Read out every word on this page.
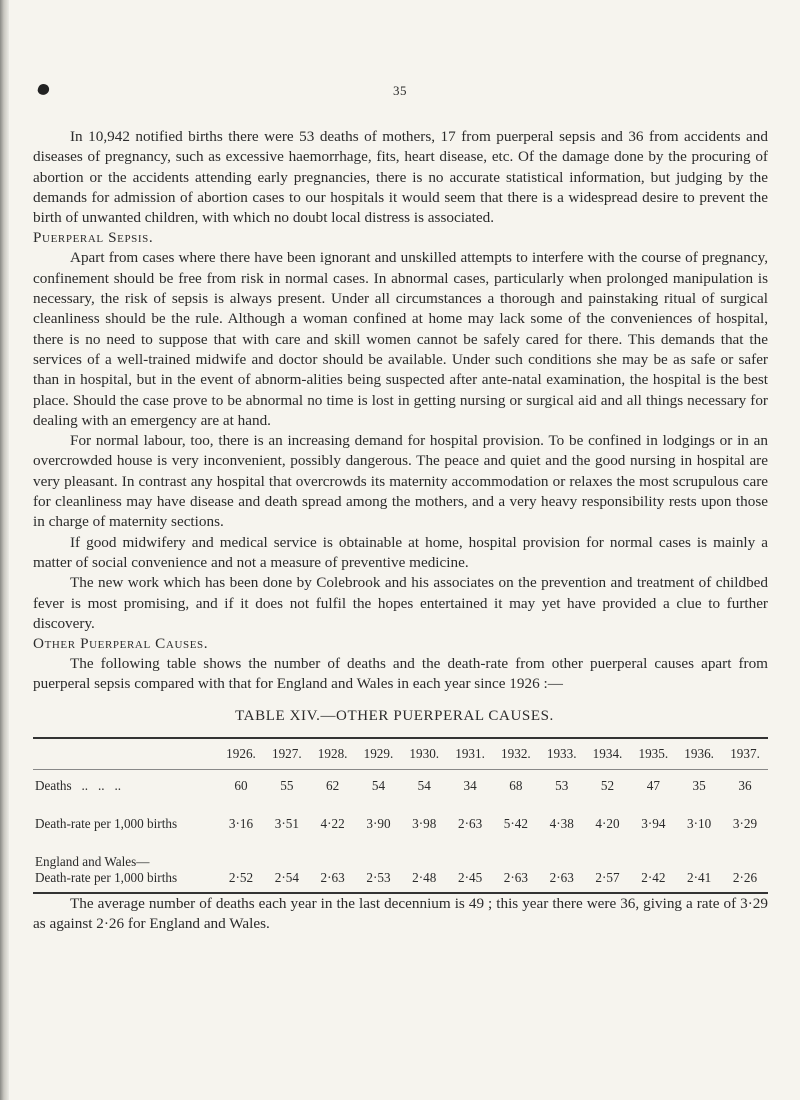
35

In 10,942 notified births there were 53 deaths of mothers, 17 from puerperal sepsis and 36 from accidents and diseases of pregnancy, such as excessive haemorrhage, fits, heart disease, etc. Of the damage done by the procuring of abortion or the accidents attending early pregnancies, there is no accurate statistical information, but judging by the demands for admission of abortion cases to our hospitals it would seem that there is a widespread desire to prevent the birth of unwanted children, with which no doubt local distress is associated.

Puerperal Sepsis.

Apart from cases where there have been ignorant and unskilled attempts to interfere with the course of pregnancy, confinement should be free from risk in normal cases. In abnormal cases, particularly when prolonged manipulation is necessary, the risk of sepsis is always present. Under all circumstances a thorough and painstaking ritual of surgical cleanliness should be the rule. Although a woman confined at home may lack some of the conveniences of hospital, there is no need to suppose that with care and skill women cannot be safely cared for there. This demands that the services of a well-trained midwife and doctor should be available. Under such conditions she may be as safe or safer than in hospital, but in the event of abnorm-alities being suspected after ante-natal examination, the hospital is the best place. Should the case prove to be abnormal no time is lost in getting nursing or surgical aid and all things necessary for dealing with an emergency are at hand.

For normal labour, too, there is an increasing demand for hospital provision. To be confined in lodgings or in an overcrowded house is very inconvenient, possibly dangerous. The peace and quiet and the good nursing in hospital are very pleasant. In contrast any hospital that overcrowds its maternity accommodation or relaxes the most scrupulous care for cleanliness may have disease and death spread among the mothers, and a very heavy responsibility rests upon those in charge of maternity sections.

If good midwifery and medical service is obtainable at home, hospital provision for normal cases is mainly a matter of social convenience and not a measure of preventive medicine.

The new work which has been done by Colebrook and his associates on the prevention and treatment of childbed fever is most promising, and if it does not fulfil the hopes entertained it may yet have provided a clue to further discovery.

Other Puerperal Causes.

The following table shows the number of deaths and the death-rate from other puerperal causes apart from puerperal sepsis compared with that for England and Wales in each year since 1926 :—

TABLE XIV.—OTHER PUERPERAL CAUSES.
	1926.	1927.	1928.	1929.	1930.	1931.	1932.	1933.	1934.	1935.	1936.	1937.

Deaths   ..   ..   ..	60	55	62	54	54	34	68	53	52	47	35	36

Death-rate per 1,000 births	3·16	3·51	4·22	3·90	3·98	2·63	5·42	4·38	4·20	3·94	3·10	3·29

England and Wales—												
Death-rate per 1,000 births	2·52	2·54	2·63	2·53	2·48	2·45	2·63	2·63	2·57	2·42	2·41	2·26

The average number of deaths each year in the last decennium is 49 ; this year there were 36, giving a rate of 3·29 as against 2·26 for England and Wales.
